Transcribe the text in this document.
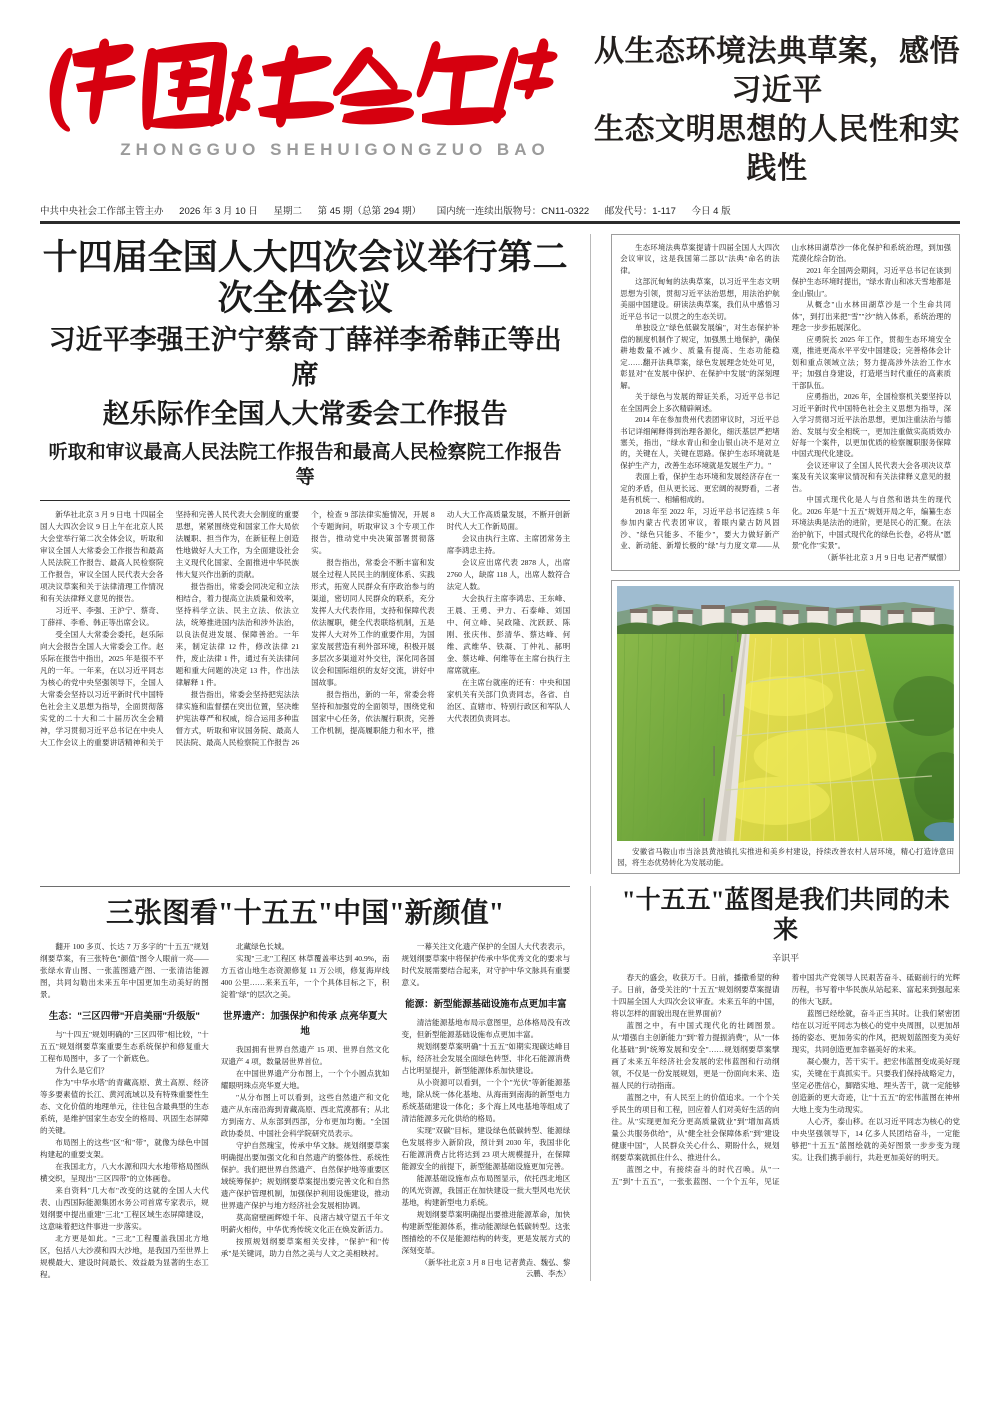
ZHONGGUO SHEHUIGONGZUO BAO
从生态环境法典草案，感悟习近平
生态文明思想的人民性和实践性
中共中央社会工作部主管主办 2026 年 3 月 10 日 星期二 第 45 期（总第 294 期） 国内统一连续出版物号：CN11-0322 邮发代号：1-117 今日 4 版
十四届全国人大四次会议举行第二次全体会议
习近平李强王沪宁蔡奇丁薛祥李希韩正等出席
赵乐际作全国人大常委会工作报告
听取和审议最高人民法院工作报告和最高人民检察院工作报告等

新华社北京 3 月 9 日电 十四届全国人大四次会议 9 日上午在北京人民大会堂举行第二次全体会议，听取和审议全国人大常委会工作报告和最高人民法院工作报告、最高人民检察院工作报告，审议全国人民代表大会各项决议草案和关于法律清理工作情况和有关法律释义意见的报告。

习近平、李强、王沪宁、蔡奇、丁薛祥、李希、韩正等出席会议。

受全国人大常委会委托，赵乐际向大会报告全国人大常委会工作。赵乐际在报告中指出，2025 年是很不平凡的一年。一年来，在以习近平同志为核心的党中央坚强领导下，全国人大常委会坚持以习近平新时代中国特色社会主义思想为指导，全面贯彻落实党的二十大和二十届历次全会精神，学习贯彻习近平总书记在中央人大工作会议上的重要讲话精神和关于坚持和完善人民代表大会制度的重要思想，紧紧围绕党和国家工作大局依法履职、担当作为，在新征程上创造性地做好人大工作，为全面建设社会主义现代化国家、全面推进中华民族伟大复兴作出新的贡献。

报告指出，常委会同决定和立法相结合，着力提高立法质量和效率，坚持科学立法、民主立法、依法立法，统筹推进国内法治和涉外法治，以良法促进发展、保障善治。一年来，制定法律 12 件，修改法律 21 件，废止法律 1 件，通过有关法律问题和重大问题的决定 13 件，作出法律解释 1 件。

报告指出，常委会坚持把宪法法律实施和监督摆在突出位置，坚决维护宪法尊严和权威，综合运用多种监督方式，听取和审议国务院、最高人民法院、最高人民检察院工作报告 26 个，检查 9 部法律实施情况，开展 8 个专题询问，听取审议 3 个专项工作报告，推动党中央决策部署贯彻落实。

报告指出，常委会不断丰富和发展全过程人民民主的制度体系、实践形式，拓宽人民群众有序政治参与的渠道，密切同人民群众的联系，充分发挥人大代表作用，支持和保障代表依法履职，健全代表联络机制，五是发挥人大对外工作的重要作用，为国家发展营造有利外部环境，积极开展多层次多渠道对外交往，深化同各国议会和国际组织的友好交流，讲好中国故事。

报告指出，新的一年，常委会将坚持和加强党的全面领导，围绕党和国家中心任务，依法履行职责，完善工作机制，提高履职能力和水平，推动人大工作高质量发展，不断开创新时代人大工作新局面。

会议由执行主席、主席团常务主席李鸿忠主持。

会议应出席代表 2878 人，出席 2760 人，缺席 118 人，出席人数符合法定人数。

大会执行主席李鸿忠、王东峰、王晨、王勇、尹力、石泰峰、刘国中、何立峰、吴政隆、沈跃跃、陈刚、张庆伟、彭清华、蔡达峰、何维、武维华、铁凝、丁仲礼、郝明金、蔡达峰、何维等在主席台执行主席席就座。

在主席台就座的还有：中央和国家机关有关部门负责同志，各省、自治区、直辖市、特别行政区和军队人大代表团负责同志。

生态环境法典草案提请十四届全国人大四次会议审议，这是我国第二部以"法典"命名的法律。

这部沉甸甸的法典草案，以习近平生态文明思想为引领，贯彻习近平法治思想，用法治护航美丽中国建设。研读法典草案，我们从中感悟习近平总书记一以贯之的生态关切。

单独设立"绿色低碳发展编"，对生态保护补偿的制度机制作了规定，加强黑土地保护，确保耕地数量不减少、质量有提高、生态功能稳定……翻开法典草案，绿色发展理念处处可见，彰显对"在发展中保护、在保护中发展"的深刻理解。

关于绿色与发展的辩证关系，习近平总书记在全国两会上多次精辟阐述。

2014 年在参加贵州代表团审议时，习近平总书记详细阐释得到治理各源化，细沃基层严把堵塞关，指出，"绿水青山和金山银山决不是对立的，关键在人，关键在思路。保护生态环境就是保护生产力，改善生态环境就是发展生产力。"

表面上看，保护生态环境和发展经济存在一定的矛盾，但从更长远、更宏阔的视野看，二者是有机统一、相辅相成的。

2018 年至 2022 年，习近平总书记连续 5 年参加内蒙古代表团审议，着眼内蒙古防风固沙、"绿色只能多、不能少"，要大力做好新产业、新动能、新增长极的"绿"与力度文章——从山水林田湖草沙一体化保护和系统治理，到加强荒漠化综合防治。

2021 年全国两会期间，习近平总书记在谈到保护生态环境时提出，"绿水青山和冰天雪地都是金山银山"。

从概念"山水林田湖草沙是一个生命共同体"，到打出来把"雪""沙"纳入体系，系统治理的理念一步步拓展深化。

应勇院长 2025 年工作，贯彻生态环境安全观，推进更高水平平安中国建设；完善格体会计划和重点领域立法；努力提高涉外法治工作水平；加强自身建设，打造堪当时代重任的高素质干部队伍。

应勇指出，2026 年，全国检察机关要坚持以习近平新时代中国特色社会主义思想为指导，深入学习贯彻习近平法治思想，更加注重法治与德治、发展与安全相统一，更加注重做实高质效办好每一个案件，以更加优质的检察履职服务保障中国式现代化建设。

会议还审议了全国人民代表大会各项决议草案及有关议案审议情况和有关法律释义意见的报告。

中国式现代化是人与自然和谐共生的现代化。2026 年是"十五五"规划开局之年，编纂生态环境法典是法治的进阶，更是民心的汇聚。在法治护航下，中国式现代化的绿色长卷，必将从"愿景"化作"实景"。

（新华社北京 3 月 9 日电 记者严赋憬）

安徽省马鞍山市当涂县黄池镇扎实推进和美乡村建设，持续改善农村人居环境，精心打造诗意田园，将生态优势转化为发展动能。
三张图看"十五五"中国"新颜值"

翻开 100 多页、长达 7 万多字的"十五五"规划纲要草案，有三张特色"颜值"图令人眼前一亮——张绿水青山图、一张蓝图遗产图、一张清洁能源图，共同勾勒出未来五年中国更加生动美好的图景。

生态："三区四带"开启美丽"升级版"

与"十四五"规划明确的"三区四带"相比较，"十五五"规划纲要草案重要生态系统保护和修复重大工程布局图中，多了一个新底色。

为什么是它们？

作为"中华水塔"的青藏高原、黄土高原、经济等多要素值的长江、黄河流域以及有特殊重要性生态、文化价值的地理单元，往往包含最典型的生态系统，是维护国家生态安全的格局、巩固生态屏障的关键。

布局图上的这些"区"和"带"，就像为绿色中国构建起的重要支架。

在我国北方，八大水源和四大水地带格局图纵横交织，呈现出"三区四带"的立体画卷。

来自资料"几大布"改变的这就的全国人大代表、山西国际能源集团水务公司首席专家表示，规划纲要中提出重建"三北"工程区域生态屏障建设，这意味着把这件事进一步落实。

北方更是如此。"三北"工程覆盖我国北方地区，包括八大沙漠和四大沙地，是我国乃至世界上规模最大、建设时间最长、效益最为显著的生态工程。

北藏绿色长城。

实现"三北"工程区 林草覆盖率达到 40.9%，南方五省山地生态资源修复 11 万公顷，修复海岸线 400 公里……来来五年，一个个具体目标之下，积淀着"绿"的层次之美。

世界遗产：加强保护和传承 点亮华夏大地

我国拥有世界自然遗产 15 项、世界自然文化双遗产 4 项，数量居世界首位。

在中国世界遗产分布图上，一个个小圆点犹如耀眼明珠点亮华夏大地。

"从分布图上可以看到，这些自然遗产和文化遗产从东南沿海到青藏高原、西北荒漠都有；从北方到南方、从东部到西部，分布更加均衡。"全国政协委员、中国社会科学院研究员表示。

守护自然瑰宝，传承中华文脉。规划纲要草案明确提出要加强文化和自然遗产的整体性、系统性保护。我们把世界自然遗产、自然保护地等重要区域统筹保护；规划纲要草案提出要完善文化和自然遗产保护管理机制，加强保护利用设施建设，推动世界遗产保护与地方经济社会发展相协调。

莫高窟壁画辉煌千年、良渚古城守望五千年文明薪火相传，中华优秀传统文化正在焕发新活力。

按照规划纲要草案相关安排，"保护"和"传承"是关键词，助力自然之美与人文之美相映衬。

一幕关注文化遗产保护的全国人大代表表示，规划纲要草案中将保护传承中华优秀文化的要求与时代发展需要结合起来，对守护中华文脉具有重要意义。

能源：新型能源基础设施布点更加丰富

清洁能源基地布局示意图里，总体格局没有改变，但新型能源基础设施布点更加丰富。

规划纲要草案明确"十五五"如期实现碳达峰目标，经济社会发展全面绿色转型、非化石能源消费占比明显提升，新型能源体系加快建设。

从小资源可以看到，一个个"光伏"等新能源基地，除从统一体化基地、从海南到南海的新型电力系统基础建设一体化；多个海上风电基地等组成了清洁能源多元化供给的格局。

实现"双碳"目标，建设绿色低碳转型、能源绿色发展将步入新阶段，预计到 2030 年，我国非化石能源消费占比将达到 23 项大规模提升，在保障能源安全的前提下，新型能源基础设施更加完善。

能源基础设施布点布局图显示，依托西北地区的风光资源，我国正在加快建设一批大型风电光伏基地，构建新型电力系统。

规划纲要草案明确提出要推进能源革命，加快构建新型能源体系，推动能源绿色低碳转型。这张图描绘的不仅是能源结构的转变，更是发展方式的深刻变革。

（新华社北京 3 月 8 日电 记者黄垚、魏弘、黎云鹏、李杰）

"十五五"蓝图是我们共同的未来
辛识平

春天的盛会，收获万千。日前，播撒希望的种子。日前，备受关注的"十五五"规划纲要草案提请十四届全国人大四次会议审查。未来五年的中国，将以怎样的面貌出现在世界面前？

蓝图之中，有中国式现代化的壮阔图景。从"增强自主创新能力"到"着力提振消费"，从"一体化基础"到"统筹发展和安全"……规划纲要草案擘画了未来五年经济社会发展的宏伟蓝图和行动纲领，不仅是一份发展规划，更是一份面向未来、造福人民的行动指南。

蓝图之中，有人民至上的价值追求。一个个关乎民生的项目和工程，回应着人们对美好生活的向往。从"实现更加充分更高质量就业"到"增加高质量公共服务供给"，从"健全社会保障体系"到"建设健康中国"，人民群众关心什么、期盼什么，规划纲要草案就抓住什么、推进什么。

蓝图之中，有接续奋斗的时代召唤。从"一五"到"十五五"，一张张蓝图、一个个五年，见证着中国共产党领导人民艰苦奋斗、砥砺前行的光辉历程，书写着中华民族从站起来、富起来到强起来的伟大飞跃。

蓝图已经绘就，奋斗正当其时。让我们紧密团结在以习近平同志为核心的党中央周围，以更加昂扬的姿态、更加务实的作风，把规划蓝图变为美好现实，共同创造更加幸福美好的未来。

凝心聚力，苦干实干。把宏伟蓝图变成美好现实，关键在于真抓实干。只要我们保持战略定力，坚定必胜信心，脚踏实地、埋头苦干，就一定能够创造新的更大奇迹，让"十五五"的宏伟蓝图在神州大地上变为生动现实。

人心齐，泰山移。在以习近平同志为核心的党中央坚强领导下，14 亿多人民团结奋斗，一定能够把"十五五"蓝图绘就的美好图景一步步变为现实。让我们携手前行，共赴更加美好的明天。
